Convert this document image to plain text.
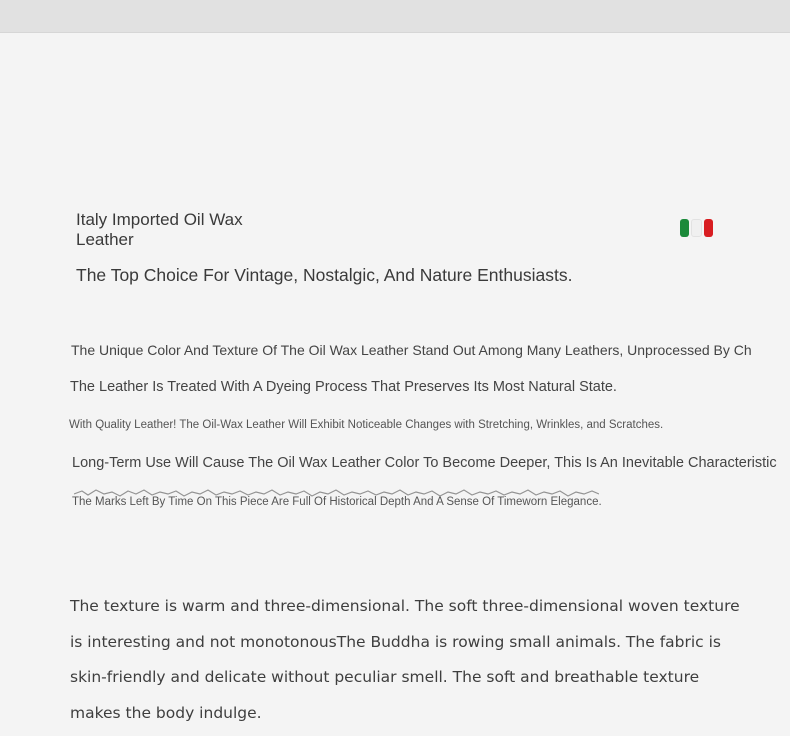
Italy Imported Oil Wax Leather
The Top Choice For Vintage, Nostalgic, And Nature Enthusiasts.
The Unique Color And Texture Of The Oil Wax Leather Stand Out Among Many Leathers, Unprocessed By Ch
The Leather Is Treated With A Dyeing Process That Preserves Its Most Natural State.
With Quality Leather! The Oil-Wax Leather Will Exhibit Noticeable Changes with Stretching, Wrinkles, and Scratches.
Long-Term Use Will Cause The Oil Wax Leather Color To Become Deeper, This Is An Inevitable Characteristic
The Marks Left By Time On This Piece Are Full Of Historical Depth And A Sense Of Timeworn Elegance.
The texture is warm and three-dimensional. The soft three-dimensional woven texture is interesting and not monotonousThe Buddha is rowing small animals. The fabric is skin-friendly and delicate without peculiar smell. The soft and breathable texture makes the body indulge.
